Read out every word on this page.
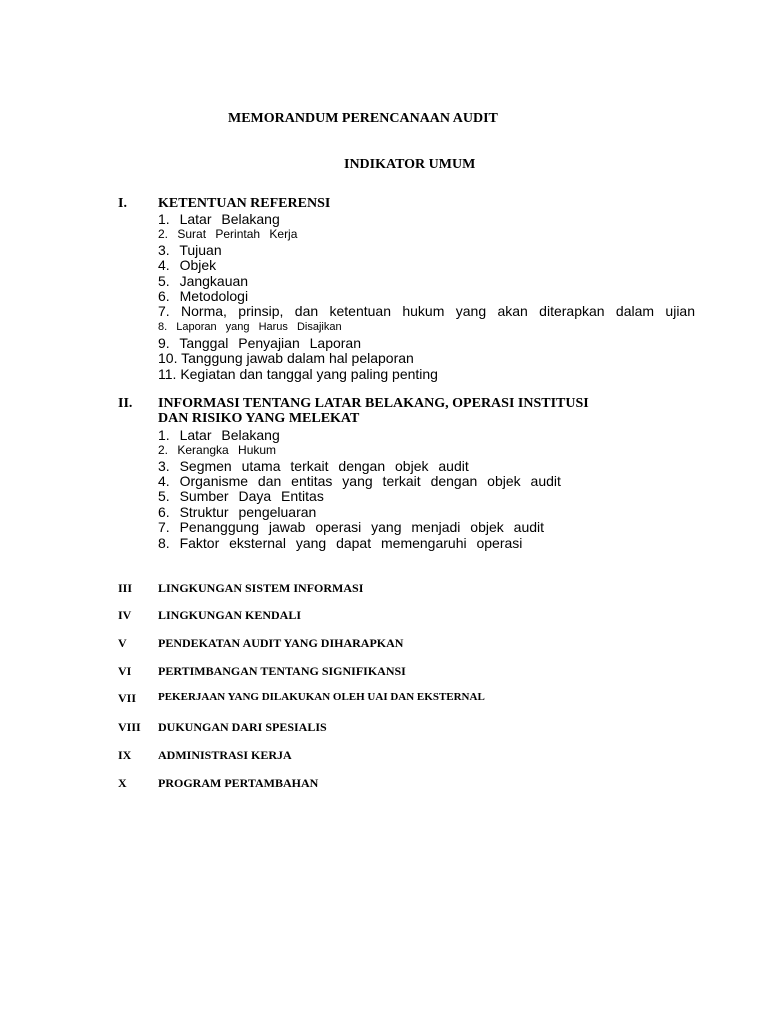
MEMORANDUM PERENCANAAN AUDIT
INDIKATOR UMUM
I. KETENTUAN REFERENSI
1. Latar Belakang
2. Surat Perintah Kerja
3. Tujuan
4. Objek
5. Jangkauan
6. Metodologi
7. Norma, prinsip, dan ketentuan hukum yang akan diterapkan dalam ujian
8. Laporan yang Harus Disajikan
9. Tanggal Penyajian Laporan
10. Tanggung jawab dalam hal pelaporan
11. Kegiatan dan tanggal yang paling penting
II. INFORMASI TENTANG LATAR BELAKANG, OPERASI INSTITUSI
DAN RISIKO YANG MELEKAT
1. Latar Belakang
2. Kerangka Hukum
3. Segmen utama terkait dengan objek audit
4. Organisme dan entitas yang terkait dengan objek audit
5. Sumber Daya Entitas
6. Struktur pengeluaran
7. Penanggung jawab operasi yang menjadi objek audit
8. Faktor eksternal yang dapat memengaruhi operasi
III LINGKUNGAN SISTEM INFORMASI
IV LINGKUNGAN KENDALI
V	PENDEKATAN AUDIT YANG DIHARAPKAN
VI PERTIMBANGAN TENTANG SIGNIFIKANSI
VII PEKERJAAN YANG DILAKUKAN OLEH UAI DAN EKSTERNAL
VIII DUKUNGAN DARI SPESIALIS
IX ADMINISTRASI KERJA
X	PROGRAM PERTAMBAHAN
